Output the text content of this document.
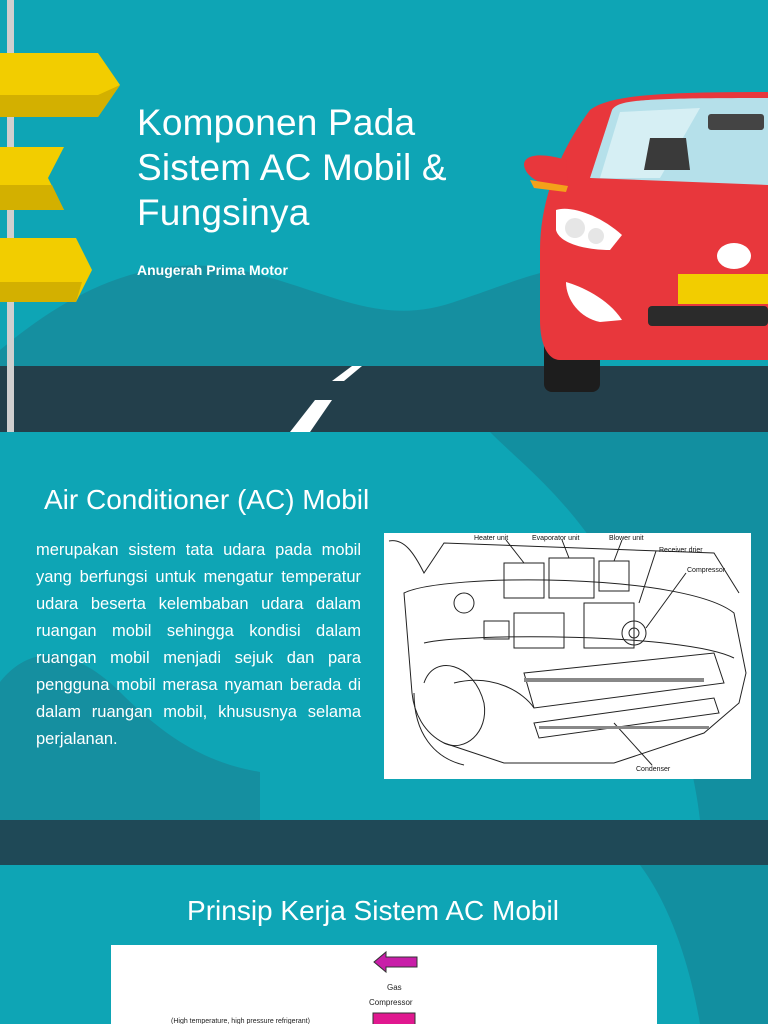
Komponen Pada Sistem AC Mobil & Fungsinya
Anugerah Prima Motor
Air Conditioner (AC) Mobil

merupakan sistem tata udara pada mobil yang berfungsi untuk mengatur temperatur udara beserta kelembaban udara dalam ruangan mobil sehingga kondisi dalam ruangan mobil menjadi sejuk dan para pengguna mobil merasa nyaman berada di dalam ruangan mobil, khususnya selama perjalanan.

Heater unit	Evaporator unit	Blower unit
Receiver drier
Compressor
Condenser
Prinsip Kerja Sistem AC Mobil
Gas
Compressor
(High temperature, high pressure refrigerant)
